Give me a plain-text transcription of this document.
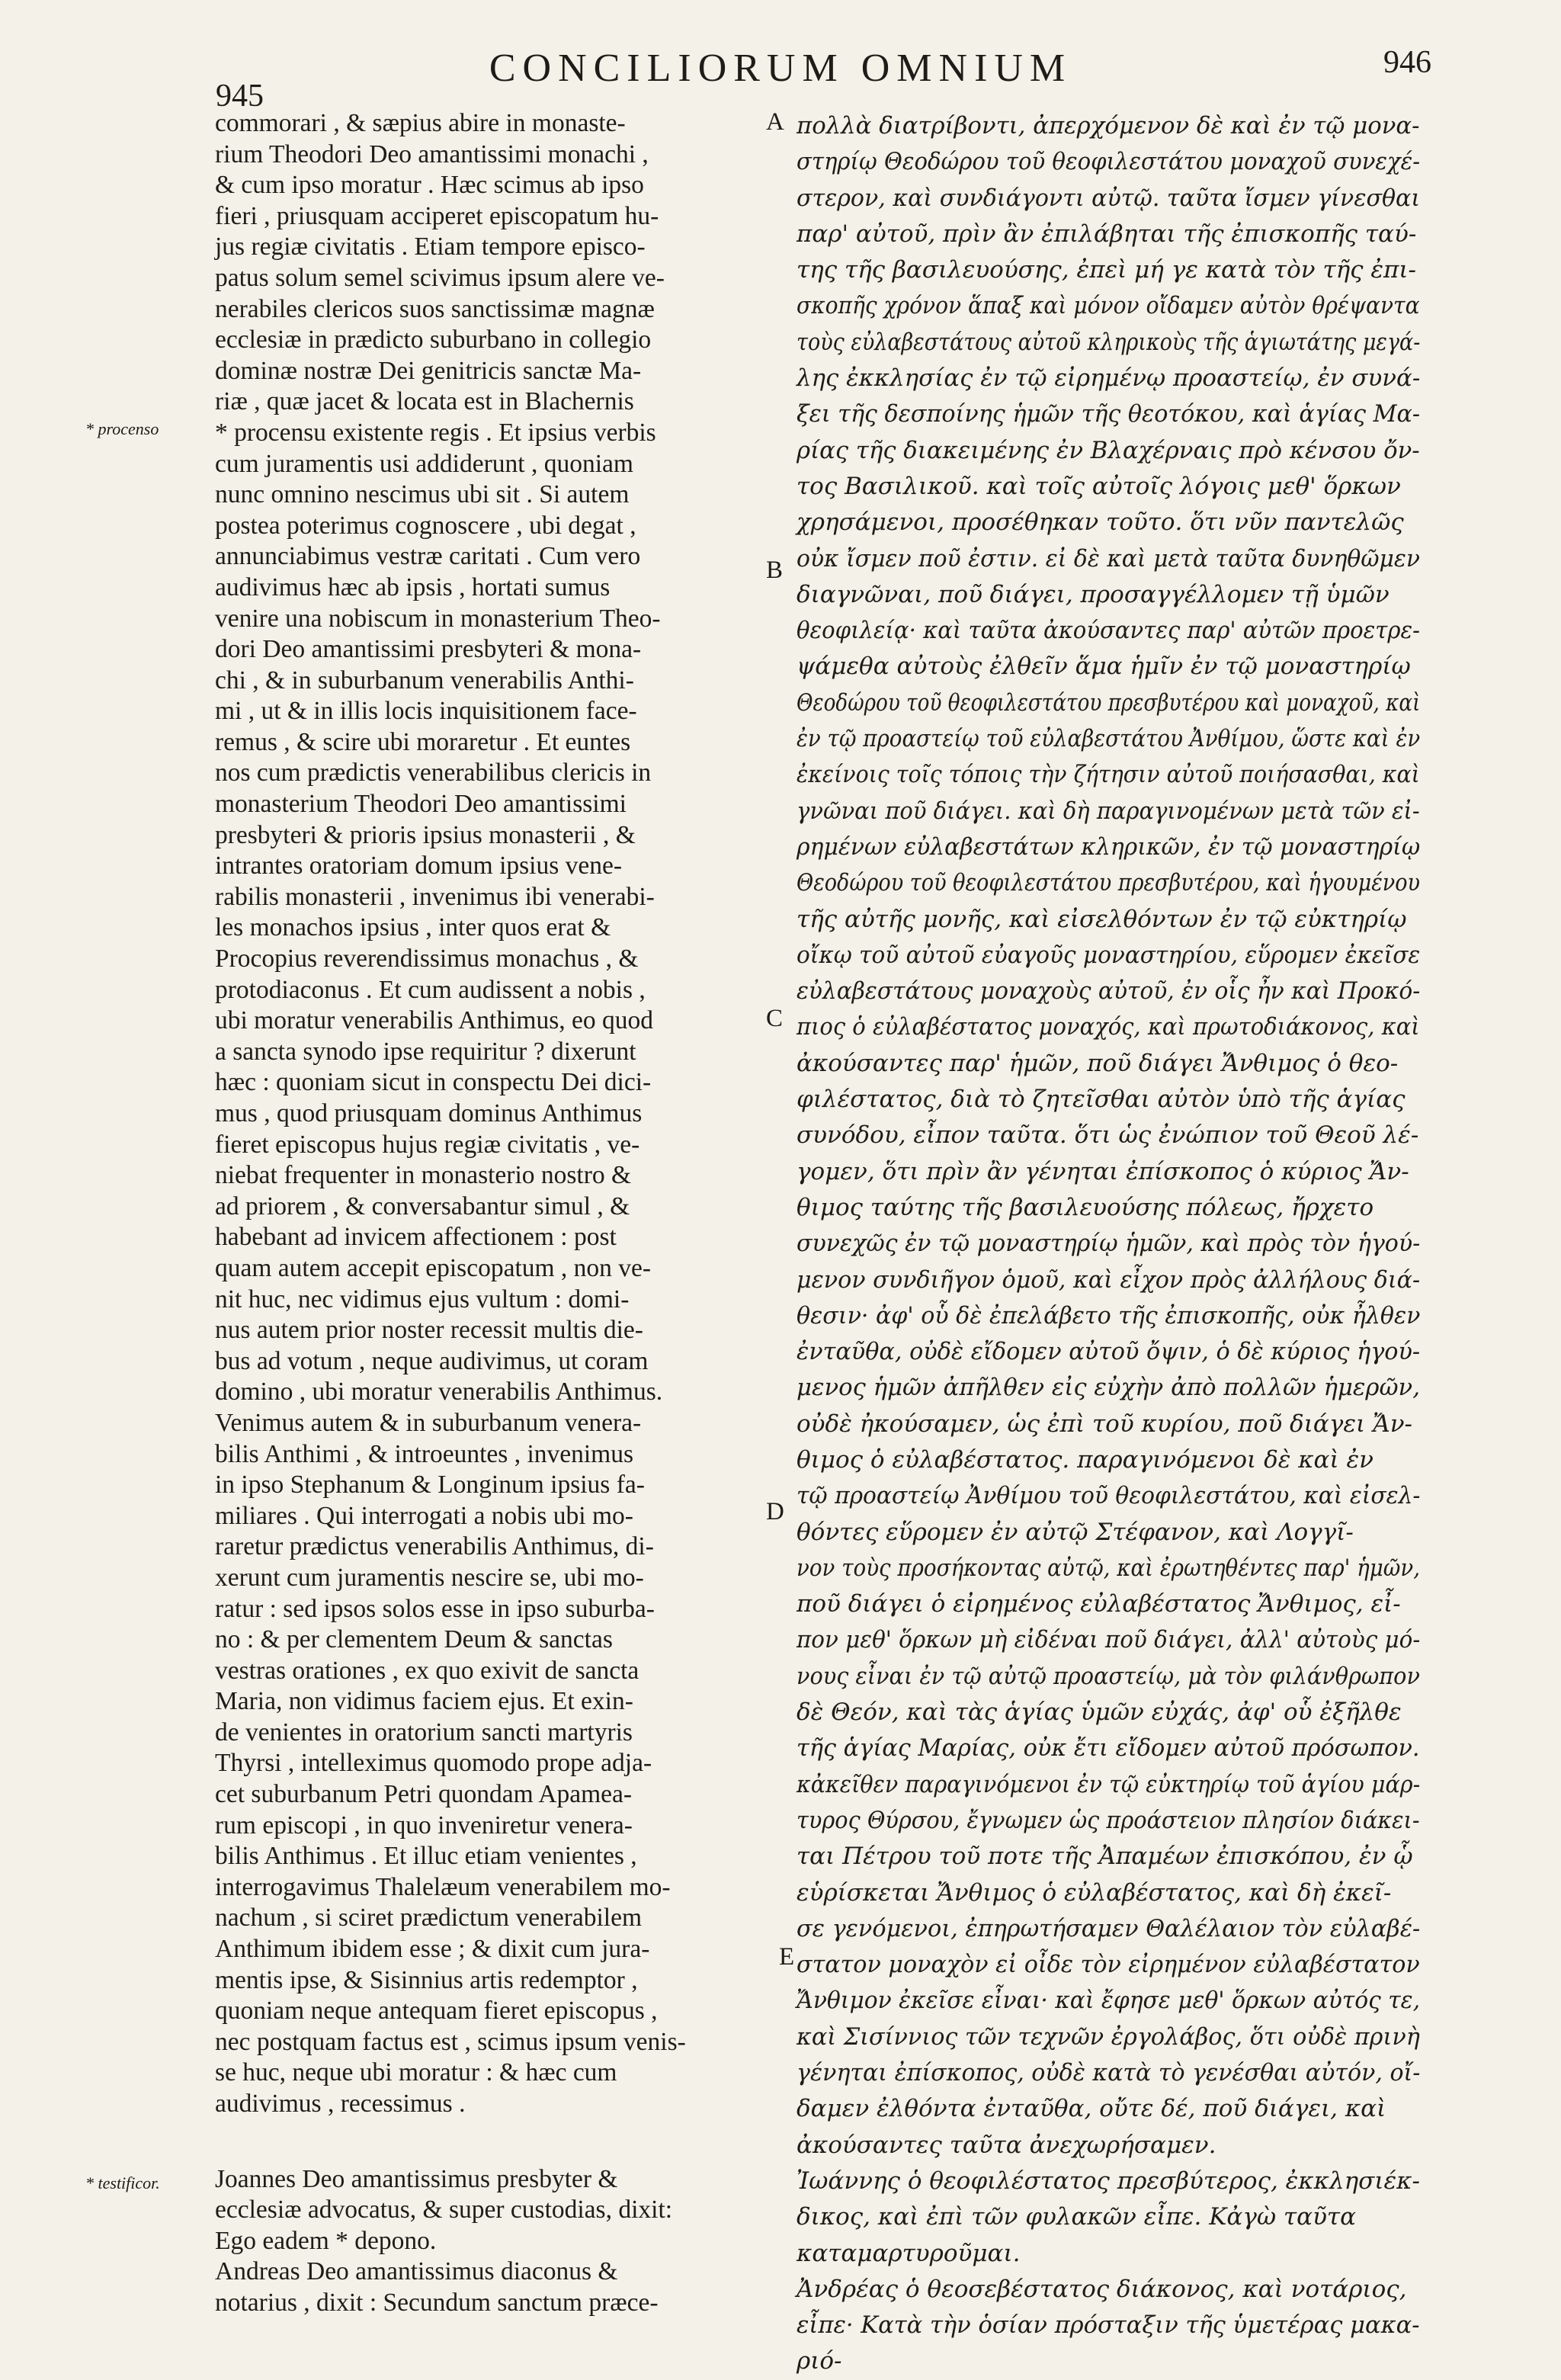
945
CONCILIORUM OMNIUM	946
* procenso
* testificor.
A
B
C
D
E
commorari , & sæpius abire in monaste-
rium Theodori Deo amantissimi monachi ,
& cum ipso moratur . Hæc scimus ab ipso
fieri , priusquam acciperet episcopatum hu-
jus regiæ civitatis . Etiam tempore episco-
patus solum semel scivimus ipsum alere ve-
nerabiles clericos suos sanctissimæ magnæ
ecclesiæ in prædicto suburbano in collegio
dominæ nostræ Dei genitricis sanctæ Ma-
riæ , quæ jacet & locata est in Blachernis
* procensu existente regis . Et ipsius verbis
cum juramentis usi addiderunt , quoniam
nunc omnino nescimus ubi sit . Si autem
postea poterimus cognoscere , ubi degat ,
annunciabimus vestræ caritati . Cum vero
audivimus hæc ab ipsis , hortati sumus
venire una nobiscum in monasterium Theo-
dori Deo amantissimi presbyteri & mona-
chi , & in suburbanum venerabilis Anthi-
mi , ut & in illis locis inquisitionem face-
remus , & scire ubi moraretur . Et euntes
nos cum prædictis venerabilibus clericis in
monasterium Theodori Deo amantissimi
presbyteri & prioris ipsius monasterii , &
intrantes oratoriam domum ipsius vene-
rabilis monasterii , invenimus ibi venerabi-
les monachos ipsius , inter quos erat &
Procopius reverendissimus monachus , &
protodiaconus . Et cum audissent a nobis ,
ubi moratur venerabilis Anthimus, eo quod
a sancta synodo ipse requiritur ? dixerunt
hæc : quoniam sicut in conspectu Dei dici-
mus , quod priusquam dominus Anthimus
fieret episcopus hujus regiæ civitatis , ve-
niebat frequenter in monasterio nostro &
ad priorem , & conversabantur simul , &
habebant ad invicem affectionem : post
quam autem accepit episcopatum , non ve-
nit huc, nec vidimus ejus vultum : domi-
nus autem prior noster recessit multis die-
bus ad votum , neque audivimus, ut coram
domino , ubi moratur venerabilis Anthimus.
Venimus autem & in suburbanum venera-
bilis Anthimi , & introeuntes , invenimus
in ipso Stephanum & Longinum ipsius fa-
miliares . Qui interrogati a nobis ubi mo-
raretur prædictus venerabilis Anthimus, di-
xerunt cum juramentis nescire se, ubi mo-
ratur : sed ipsos solos esse in ipso suburba-
no : & per clementem Deum & sanctas
vestras orationes , ex quo exivit de sancta
Maria, non vidimus faciem ejus. Et exin-
de venientes in oratorium sancti martyris
Thyrsi , intelleximus quomodo prope adja-
cet suburbanum Petri quondam Apamea-
rum episcopi , in quo inveniretur venera-
bilis Anthimus . Et illuc etiam venientes ,
interrogavimus Thalelæum venerabilem mo-
nachum , si sciret prædictum venerabilem
Anthimum ibidem esse ; & dixit cum jura-
mentis ipse, & Sisinnius artis redemptor ,
quoniam neque antequam fieret episcopus ,
nec postquam factus est , scimus ipsum venis-
se huc, neque ubi moratur : & hæc cum
audivimus , recessimus .
Joannes Deo amantissimus presbyter &
ecclesiæ advocatus, & super custodias, dixit:
Ego eadem * depono.
Andreas Deo amantissimus diaconus &
notarius , dixit : Secundum sanctum præce-
πολλὰ διατρίβοντι, ἀπερχόμενον δὲ καὶ ἐν τῷ μονα-
στηρίῳ Θεοδώρου τοῦ θεοφιλεστάτου μοναχοῦ συνεχέ-
στερον, καὶ συνδιάγοντι αὐτῷ. ταῦτα ἴσμεν γίνεσθαι
παρ' αὐτοῦ, πρὶν ἂν ἐπιλάβηται τῆς ἐπισκοπῆς ταύ-
της τῆς βασιλευούσης, ἐπεὶ μή γε κατὰ τὸν τῆς ἐπι-
σκοπῆς χρόνον ἅπαξ καὶ μόνον οἴδαμεν αὐτὸν θρέψαντα
τοὺς εὐλαβεστάτους αὐτοῦ κληρικοὺς τῆς ἁγιωτάτης μεγά-
λης ἐκκλησίας ἐν τῷ εἰρημένῳ προαστείῳ, ἐν συνά-
ξει τῆς δεσποίνης ἡμῶν τῆς θεοτόκου, καὶ ἁγίας Μα-
ρίας τῆς διακειμένης ἐν Βλαχέρναις πρὸ κένσου ὄν-
τος Βασιλικοῦ. καὶ τοῖς αὐτοῖς λόγοις μεθ' ὅρκων
χρησάμενοι, προσέθηκαν τοῦτο. ὅτι νῦν παντελῶς
οὐκ ἴσμεν ποῦ ἐστιν. εἰ δὲ καὶ μετὰ ταῦτα δυνηθῶμεν
διαγνῶναι, ποῦ διάγει, προσαγγέλλομεν τῇ ὑμῶν
θεοφιλείᾳ· καὶ ταῦτα ἀκούσαντες παρ' αὐτῶν προετρε-
ψάμεθα αὐτοὺς ἐλθεῖν ἅμα ἡμῖν ἐν τῷ μοναστηρίῳ
Θεοδώρου τοῦ θεοφιλεστάτου πρεσβυτέρου καὶ μοναχοῦ, καὶ
ἐν τῷ προαστείῳ τοῦ εὐλαβεστάτου Ἀνθίμου, ὥστε καὶ ἐν
ἐκείνοις τοῖς τόποις τὴν ζήτησιν αὐτοῦ ποιήσασθαι, καὶ
γνῶναι ποῦ διάγει. καὶ δὴ παραγινομένων μετὰ τῶν εἰ-
ρημένων εὐλαβεστάτων κληρικῶν, ἐν τῷ μοναστηρίῳ
Θεοδώρου τοῦ θεοφιλεστάτου πρεσβυτέρου, καὶ ἡγουμένου
τῆς αὐτῆς μονῆς, καὶ εἰσελθόντων ἐν τῷ εὐκτηρίῳ
οἴκῳ τοῦ αὐτοῦ εὐαγοῦς μοναστηρίου, εὕρομεν ἐκεῖσε
εὐλαβεστάτους μοναχοὺς αὐτοῦ, ἐν οἷς ἦν καὶ Προκό-
πιος ὁ εὐλαβέστατος μοναχός, καὶ πρωτοδιάκονος, καὶ
ἀκούσαντες παρ' ἡμῶν, ποῦ διάγει Ἄνθιμος ὁ θεο-
φιλέστατος, διὰ τὸ ζητεῖσθαι αὐτὸν ὑπὸ τῆς ἁγίας
συνόδου, εἶπον ταῦτα. ὅτι ὡς ἐνώπιον τοῦ Θεοῦ λέ-
γομεν, ὅτι πρὶν ἂν γένηται ἐπίσκοπος ὁ κύριος Ἄν-
θιμος ταύτης τῆς βασιλευούσης πόλεως, ἤρχετο
συνεχῶς ἐν τῷ μοναστηρίῳ ἡμῶν, καὶ πρὸς τὸν ἡγού-
μενον συνδιῆγον ὁμοῦ, καὶ εἶχον πρὸς ἀλλήλους διά-
θεσιν· ἀφ' οὗ δὲ ἐπελάβετο τῆς ἐπισκοπῆς, οὐκ ἦλθεν
ἐνταῦθα, οὐδὲ εἴδομεν αὐτοῦ ὄψιν, ὁ δὲ κύριος ἡγού-
μενος ἡμῶν ἀπῆλθεν εἰς εὐχὴν ἀπὸ πολλῶν ἡμερῶν,
οὐδὲ ἠκούσαμεν, ὡς ἐπὶ τοῦ κυρίου, ποῦ διάγει Ἄν-
θιμος ὁ εὐλαβέστατος. παραγινόμενοι δὲ καὶ ἐν
τῷ προαστείῳ Ἀνθίμου τοῦ θεοφιλεστάτου, καὶ εἰσελ-
θόντες εὕρομεν ἐν αὐτῷ Στέφανον, καὶ Λογγῖ-
νον τοὺς προσήκοντας αὐτῷ, καὶ ἐρωτηθέντες παρ' ἡμῶν,
ποῦ διάγει ὁ εἰρημένος εὐλαβέστατος Ἄνθιμος, εἶ-
πον μεθ' ὅρκων μὴ εἰδέναι ποῦ διάγει, ἀλλ' αὐτοὺς μό-
νους εἶναι ἐν τῷ αὐτῷ προαστείῳ, μὰ τὸν φιλάνθρωπον
δὲ Θεόν, καὶ τὰς ἁγίας ὑμῶν εὐχάς, ἀφ' οὗ ἐξῆλθε
τῆς ἁγίας Μαρίας, οὐκ ἔτι εἴδομεν αὐτοῦ πρόσωπον.
κἀκεῖθεν παραγινόμενοι ἐν τῷ εὐκτηρίῳ τοῦ ἁγίου μάρ-
τυρος Θύρσου, ἔγνωμεν ὡς προάστειον πλησίον διάκει-
ται Πέτρου τοῦ ποτε τῆς Ἀπαμέων ἐπισκόπου, ἐν ᾧ
εὑρίσκεται Ἄνθιμος ὁ εὐλαβέστατος, καὶ δὴ ἐκεῖ-
σε γενόμενοι, ἐπηρωτήσαμεν Θαλέλαιον τὸν εὐλαβέ-
στατον μοναχὸν εἰ οἶδε τὸν εἰρημένον εὐλαβέστατον
Ἄνθιμον ἐκεῖσε εἶναι· καὶ ἔφησε μεθ' ὅρκων αὐτός τε,
καὶ Σισίννιος τῶν τεχνῶν ἐργολάβος, ὅτι οὐδὲ πρινὴ
γένηται ἐπίσκοπος, οὐδὲ κατὰ τὸ γενέσθαι αὐτόν, οἴ-
δαμεν ἐλθόντα ἐνταῦθα, οὔτε δέ, ποῦ διάγει, καὶ
ἀκούσαντες ταῦτα ἀνεχωρήσαμεν.
Ἰωάννης ὁ θεοφιλέστατος πρεσβύτερος, ἐκκλησιέκ-
δικος, καὶ ἐπὶ τῶν φυλακῶν εἶπε. Κἀγὼ ταῦτα
καταμαρτυροῦμαι.
Ἀνδρέας ὁ θεοσεβέστατος διάκονος, καὶ νοτάριος,
εἶπε· Κατὰ τὴν ὁσίαν πρόσταξιν τῆς ὑμετέρας μακα-
ριό-
